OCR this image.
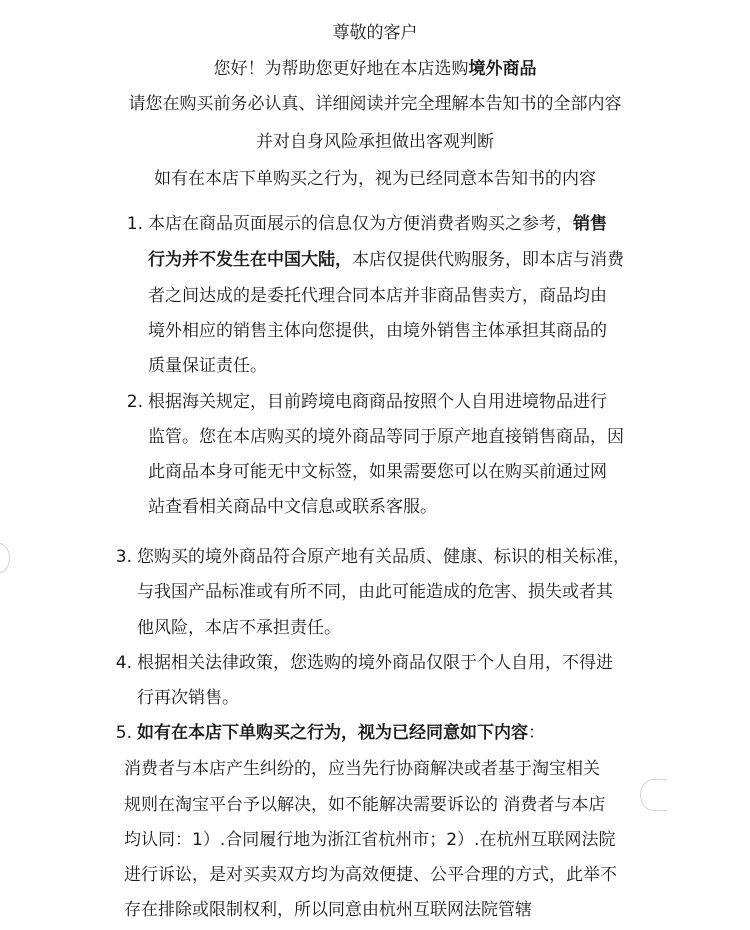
尊敬的客户
您好！为帮助您更好地在本店选购境外商品
请您在购买前务必认真、详细阅读并完全理解本告知书的全部内容
并对自身风险承担做出客观判断
如有在本店下单购买之行为，视为已经同意本告知书的内容
1. 本店在商品页面展示的信息仅为方便消费者购买之参考，销售
行为并不发生在中国大陆，本店仅提供代购服务，即本店与消费
者之间达成的是委托代理合同本店并非商品售卖方，商品均由
境外相应的销售主体向您提供，由境外销售主体承担其商品的
质量保证责任。
2. 根据海关规定，目前跨境电商商品按照个人自用进境物品进行
监管。您在本店购买的境外商品等同于原产地直接销售商品，因
此商品本身可能无中文标签，如果需要您可以在购买前通过网
站查看相关商品中文信息或联系客服。
3. 您购买的境外商品符合原产地有关品质、健康、标识的相关标准，
与我国产品标准或有所不同，由此可能造成的危害、损失或者其
他风险，本店不承担责任。
4. 根据相关法律政策，您选购的境外商品仅限于个人自用，不得进
行再次销售。
5. 如有在本店下单购买之行为，视为已经同意如下内容：
消费者与本店产生纠纷的，应当先行协商解决或者基于淘宝相关
规则在淘宝平台予以解决，如不能解决需要诉讼的 消费者与本店
均认同：1）.合同履行地为浙江省杭州市；2）.在杭州互联网法院
进行诉讼，是对买卖双方均为高效便捷、公平合理的方式，此举不
存在排除或限制权利，所以同意由杭州互联网法院管辖
